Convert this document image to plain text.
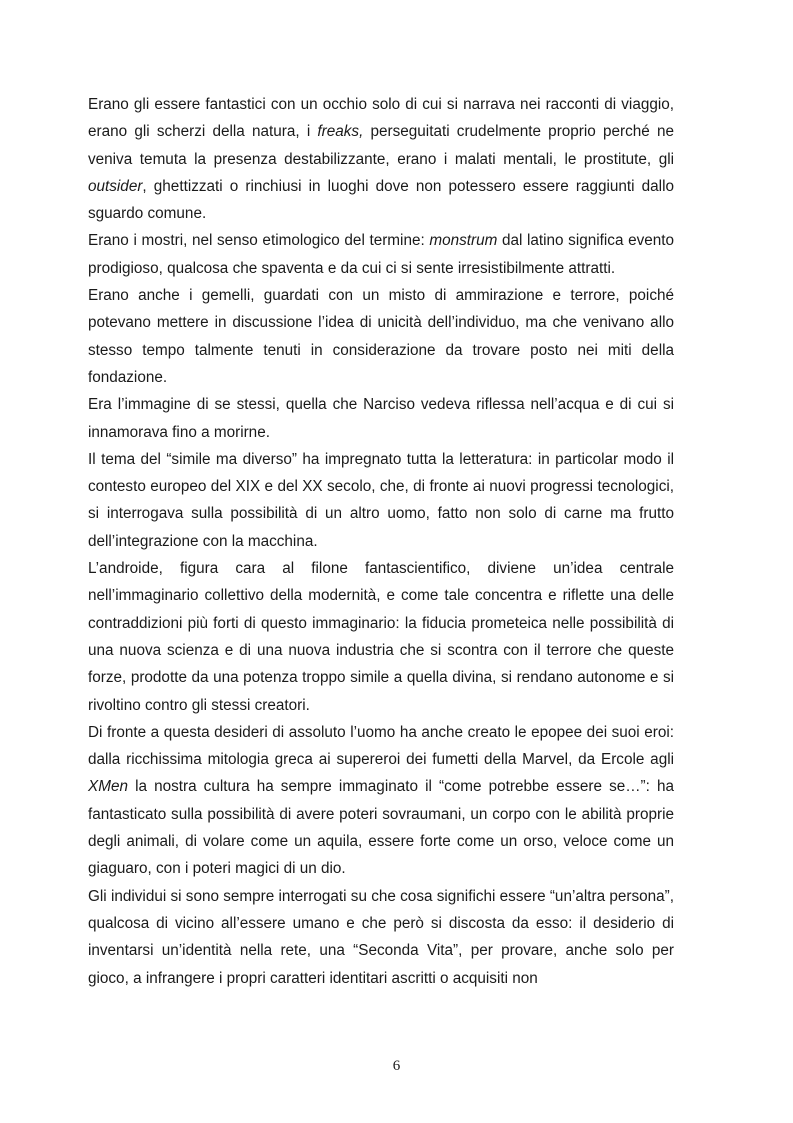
Erano gli essere fantastici con un occhio solo di cui si narrava nei racconti di viaggio, erano gli scherzi della natura, i freaks, perseguitati crudelmente proprio perché ne veniva temuta la presenza destabilizzante, erano i malati mentali, le prostitute, gli outsider, ghettizzati o rinchiusi in luoghi dove non potessero essere raggiunti dallo sguardo comune.

Erano i mostri, nel senso etimologico del termine: monstrum dal latino significa evento prodigioso, qualcosa che spaventa e da cui ci si sente irresistibilmente attratti.

Erano anche i gemelli, guardati con un misto di ammirazione e terrore, poiché potevano mettere in discussione l’idea di unicità dell’individuo, ma che venivano allo stesso tempo talmente tenuti in considerazione da trovare posto nei miti della fondazione.

Era l’immagine di se stessi, quella che Narciso vedeva riflessa nell’acqua e di cui si innamorava fino a morirne.

Il tema del “simile ma diverso” ha impregnato tutta la letteratura: in particolar modo il contesto europeo del XIX e del XX secolo, che, di fronte ai nuovi progressi tecnologici, si interrogava sulla possibilità di un altro uomo, fatto non solo di carne ma frutto dell’integrazione con la macchina.

L’androide, figura cara al filone fantascientifico, diviene un’idea centrale nell’immaginario collettivo della modernità, e come tale concentra e riflette una delle contraddizioni più forti di questo immaginario: la fiducia prometeica nelle possibilità di una nuova scienza e di una nuova industria che si scontra con il terrore che queste forze, prodotte da una potenza troppo simile a quella divina, si rendano autonome e si rivoltino contro gli stessi creatori.

Di fronte a questa desideri di assoluto l’uomo ha anche creato le epopee dei suoi eroi: dalla ricchissima mitologia greca ai supereroi dei fumetti della Marvel, da Ercole agli XMen la nostra cultura ha sempre immaginato il “come potrebbe essere se…”: ha fantasticato sulla possibilità di avere poteri sovraumani, un corpo con le abilità proprie degli animali, di volare come un aquila, essere forte come un orso, veloce come un giaguaro, con i poteri magici di un dio.

Gli individui si sono sempre interrogati su che cosa significhi essere “un’altra persona”, qualcosa di vicino all’essere umano e che però si discosta da esso: il desiderio di inventarsi un’identità nella rete, una “Seconda Vita”, per provare, anche solo per gioco, a infrangere i propri caratteri identitari ascritti o acquisiti non

6
